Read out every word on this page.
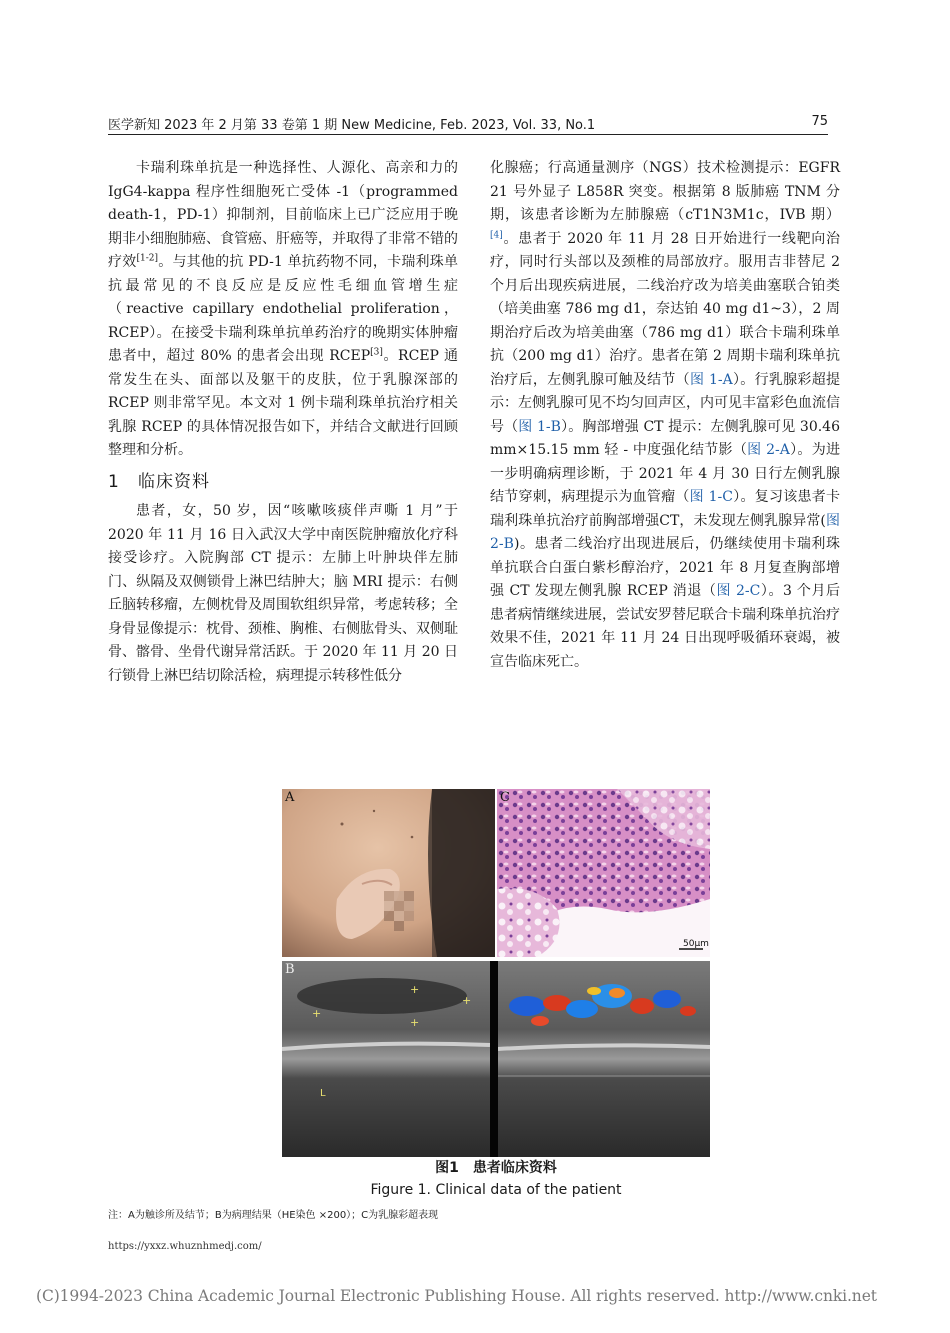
医学新知 2023 年 2 月第 33 卷第 1 期 New Medicine, Feb. 2023, Vol. 33, No.1	75

卡瑞利珠单抗是一种选择性、人源化、高亲和力的 IgG4-kappa 程序性细胞死亡受体 -1（programmed death-1，PD-1）抑制剂，目前临床上已广泛应用于晚期非小细胞肺癌、食管癌、肝癌等，并取得了非常不错的疗效[1-2]。与其他的抗 PD-1 单抗药物不同，卡瑞利珠单抗最常见的不良反应是反应性毛细血管增生症（reactive capillary endothelial proliferation，RCEP）。在接受卡瑞利珠单抗单药治疗的晚期实体肿瘤患者中，超过 80% 的患者会出现 RCEP[3]。RCEP 通常发生在头、面部以及躯干的皮肤，位于乳腺深部的 RCEP 则非常罕见。本文对 1 例卡瑞利珠单抗治疗相关乳腺 RCEP 的具体情况报告如下，并结合文献进行回顾整理和分析。

1 临床资料

患者，女，50 岁，因“咳嗽咳痰伴声嘶 1 月”于 2020 年 11 月 16 日入武汉大学中南医院肿瘤放化疗科接受诊疗。入院胸部 CT 提示：左肺上叶肿块伴左肺门、纵隔及双侧锁骨上淋巴结肿大；脑 MRI 提示：右侧丘脑转移瘤，左侧枕骨及周围软组织异常，考虑转移；全身骨显像提示：枕骨、颈椎、胸椎、右侧肱骨头、双侧耻骨、髂骨、坐骨代谢异常活跃。于 2020 年 11 月 20 日行锁骨上淋巴结切除活检，病理提示转移性低分

化腺癌；行高通量测序（NGS）技术检测提示：EGFR 21 号外显子 L858R 突变。根据第 8 版肺癌 TNM 分期，该患者诊断为左肺腺癌（cT1N3M1c，IVB 期）[4]。患者于 2020 年 11 月 28 日开始进行一线靶向治疗，同时行头部以及颈椎的局部放疗。服用吉非替尼 2 个月后出现疾病进展，二线治疗改为培美曲塞联合铂类（培美曲塞 786 mg d1，奈达铂 40 mg d1~3），2 周期治疗后改为培美曲塞（786 mg d1）联合卡瑞利珠单抗（200 mg d1）治疗。患者在第 2 周期卡瑞利珠单抗治疗后，左侧乳腺可触及结节（图 1-A）。行乳腺彩超提示：左侧乳腺可见不均匀回声区，内可见丰富彩色血流信号（图 1-B）。胸部增强 CT 提示：左侧乳腺可见 30.46 mm×15.15 mm 轻 - 中度强化结节影（图 2-A）。为进一步明确病理诊断，于 2021 年 4 月 30 日行左侧乳腺结节穿刺，病理提示为血管瘤（图 1-C）。复习该患者卡瑞利珠单抗治疗前胸部增强CT，未发现左侧乳腺异常(图 2-B)。患者二线治疗出现进展后，仍继续使用卡瑞利珠单抗联合白蛋白紫杉醇治疗，2021 年 8 月复查胸部增强 CT 发现左侧乳腺 RCEP 消退（图 2-C）。3 个月后患者病情继续进展，尝试安罗替尼联合卡瑞利珠单抗治疗效果不佳，2021 年 11 月 24 日出现呼吸循环衰竭，被宣告临床死亡。

A
50μm
C
+
+
+
+
L
B
图1　患者临床资料
Figure 1. Clinical data of the patient
注：A为触诊所及结节；B为病理结果（HE染色 ×200）；C为乳腺彩超表现
https://yxxz.whuznhmedj.com/
(C)1994-2023 China Academic Journal Electronic Publishing House. All rights reserved. http://www.cnki.net
